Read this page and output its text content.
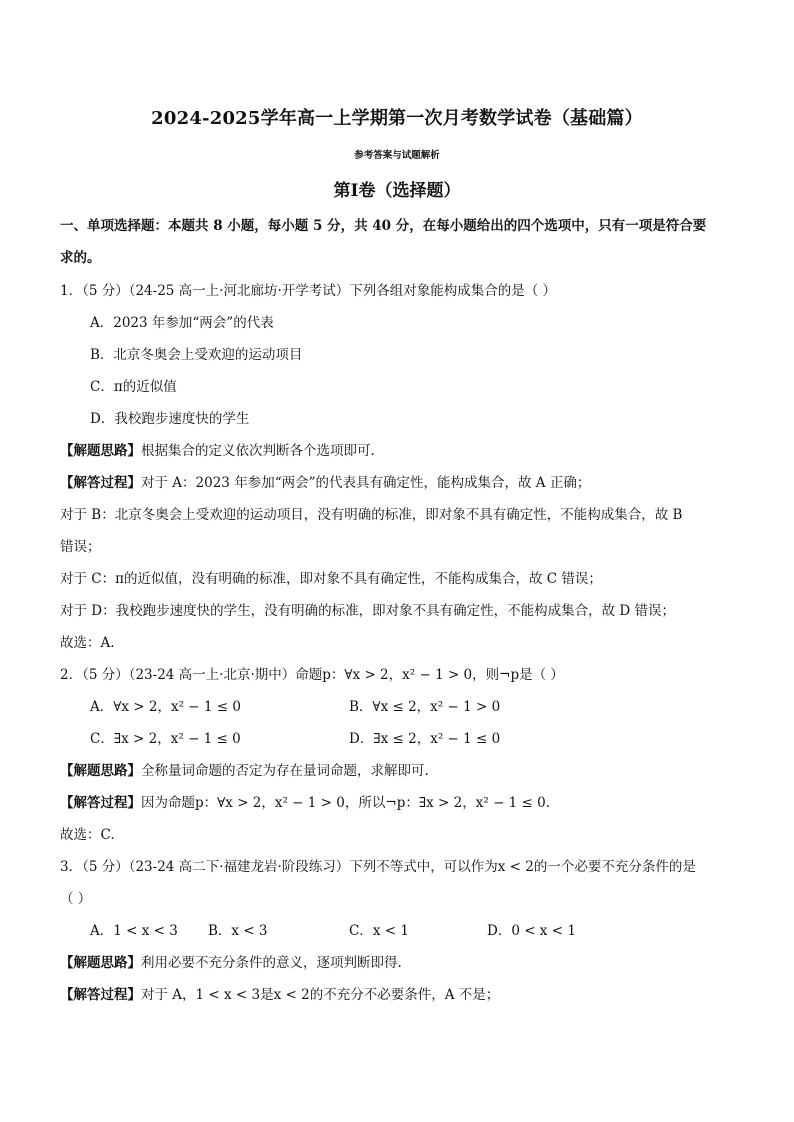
2024-2025学年高一上学期第一次月考数学试卷（基础篇）
参考答案与试题解析
第Ⅰ卷（选择题）
一、单项选择题：本题共 8 小题，每小题 5 分，共 40 分，在每小题给出的四个选项中，只有一项是符合要
求的。
1．（5 分）（24-25 高一上·河北廊坊·开学考试）下列各组对象能构成集合的是（ ）
A．2023 年参加“两会”的代表
B．北京冬奥会上受欢迎的运动项目
C．π的近似值
D．我校跑步速度快的学生
【解题思路】根据集合的定义依次判断各个选项即可.
【解答过程】对于 A：2023 年参加“两会”的代表具有确定性，能构成集合，故 A 正确；
对于 B：北京冬奥会上受欢迎的运动项目，没有明确的标准，即对象不具有确定性，不能构成集合，故 B
错误；
对于 C：π的近似值，没有明确的标准，即对象不具有确定性，不能构成集合，故 C 错误；
对于 D：我校跑步速度快的学生，没有明确的标准，即对象不具有确定性，不能构成集合，故 D 错误；
故选：A.
2．（5 分）（23-24 高一上·北京·期中）命题p：∀x > 2，x² − 1 > 0，则¬p是（ ）
A．∀x > 2，x² − 1 ≤ 0	B．∀x ≤ 2，x² − 1 > 0
C．∃x > 2，x² − 1 ≤ 0	D．∃x ≤ 2，x² − 1 ≤ 0
【解题思路】全称量词命题的否定为存在量词命题，求解即可.
【解答过程】因为命题p：∀x > 2，x² − 1 > 0，所以¬p：∃x > 2，x² − 1 ≤ 0.
故选：C.
3．（5 分）（23-24 高二下·福建龙岩·阶段练习）下列不等式中，可以作为x < 2的一个必要不充分条件的是
（ ）
A．1 < x < 3 B．x < 3	C．x < 1	D．0 < x < 1
【解题思路】利用必要不充分条件的意义，逐项判断即得.
【解答过程】对于 A，1 < x < 3是x < 2的不充分不必要条件，A 不是；
